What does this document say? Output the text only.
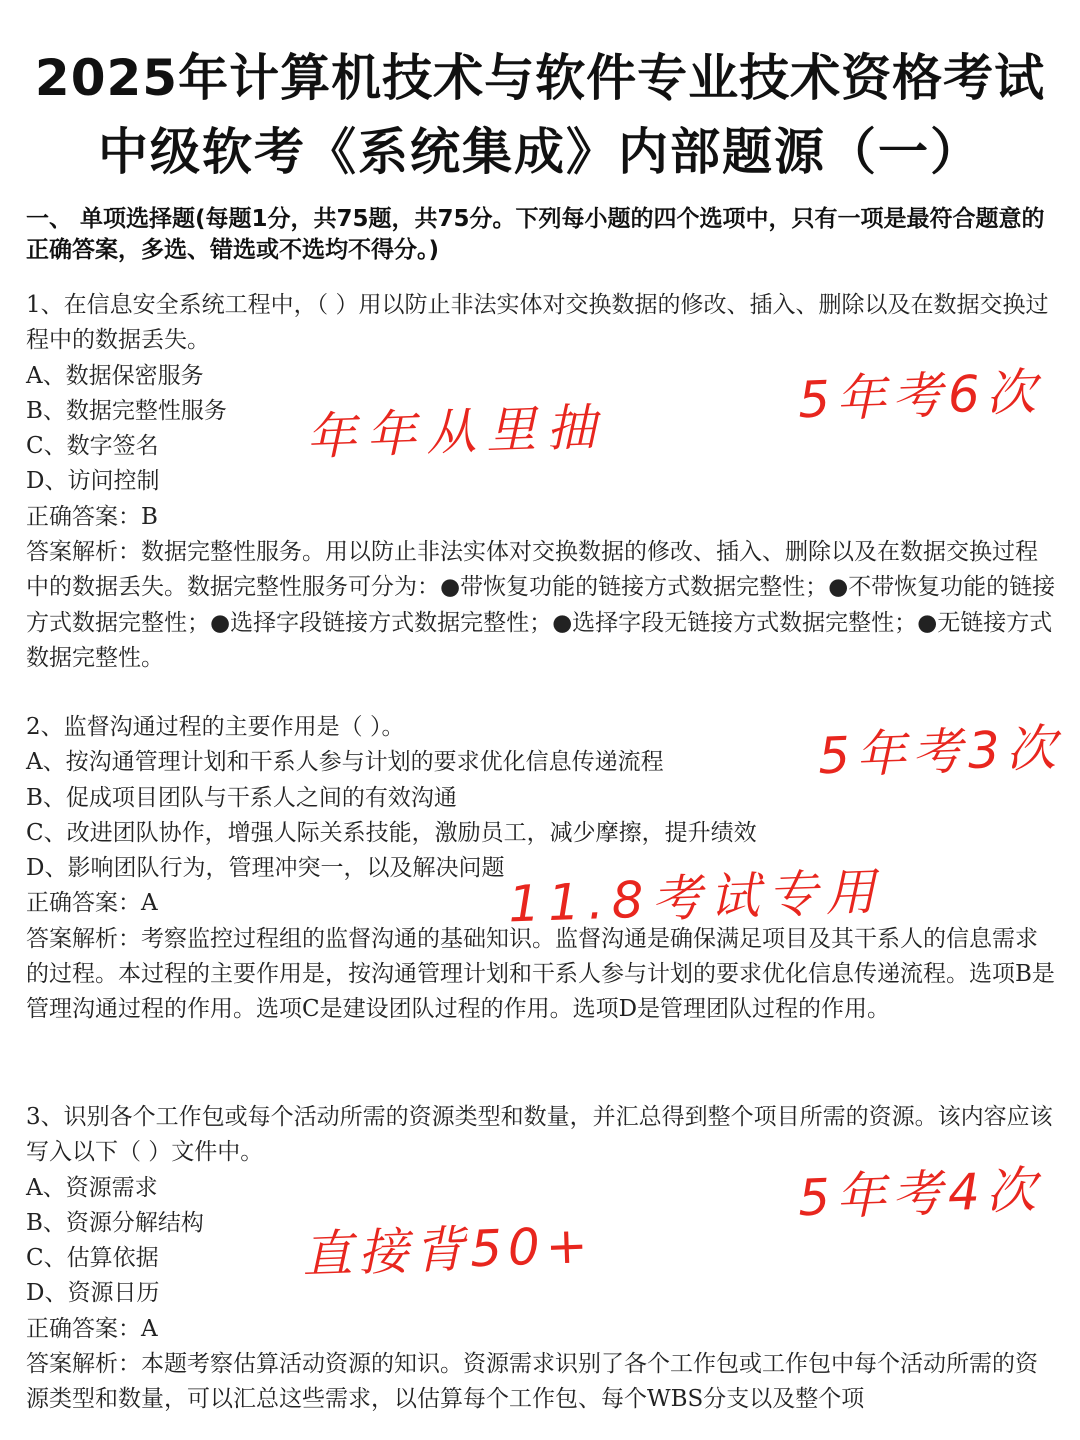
2025年计算机技术与软件专业技术资格考试
中级软考《系统集成》内部题源（一）
一、 单项选择题(每题1分，共75题，共75分。下列每小题的四个选项中，只有一项是最符合题意的正确答案，多选、错选或不选均不得分。)

1、在信息安全系统工程中，（ ）用以防止非法实体对交换数据的修改、插入、删除以及在数据交换过程中的数据丢失。

A、数据保密服务

B、数据完整性服务

C、数字签名

D、访问控制

正确答案：B

答案解析：数据完整性服务。用以防止非法实体对交换数据的修改、插入、删除以及在数据交换过程中的数据丢失。数据完整性服务可分为：●带恢复功能的链接方式数据完整性；●不带恢复功能的链接方式数据完整性；●选择字段链接方式数据完整性；●选择字段无链接方式数据完整性；●无链接方式数据完整性。

2、监督沟通过程的主要作用是（ ）。

A、按沟通管理计划和干系人参与计划的要求优化信息传递流程

B、促成项目团队与干系人之间的有效沟通

C、改进团队协作，增强人际关系技能，激励员工，减少摩擦，提升绩效

D、影响团队行为，管理冲突一，以及解决问题

正确答案：A

答案解析：考察监控过程组的监督沟通的基础知识。监督沟通是确保满足项目及其干系人的信息需求的过程。本过程的主要作用是，按沟通管理计划和干系人参与计划的要求优化信息传递流程。选项B是管理沟通过程的作用。选项C是建设团队过程的作用。选项D是管理团队过程的作用。

3、识别各个工作包或每个活动所需的资源类型和数量，并汇总得到整个项目所需的资源。该内容应该写入以下（ ）文件中。

A、资源需求

B、资源分解结构

C、估算依据

D、资源日历

正确答案：A

答案解析：本题考察估算活动资源的知识。资源需求识别了各个工作包或工作包中每个活动所需的资源类型和数量，可以汇总这些需求，以估算每个工作包、每个WBS分支以及整个项

5年考6次
年年从里抽
5年考3次
11.8考试专用
5年考4次
直接背50+
